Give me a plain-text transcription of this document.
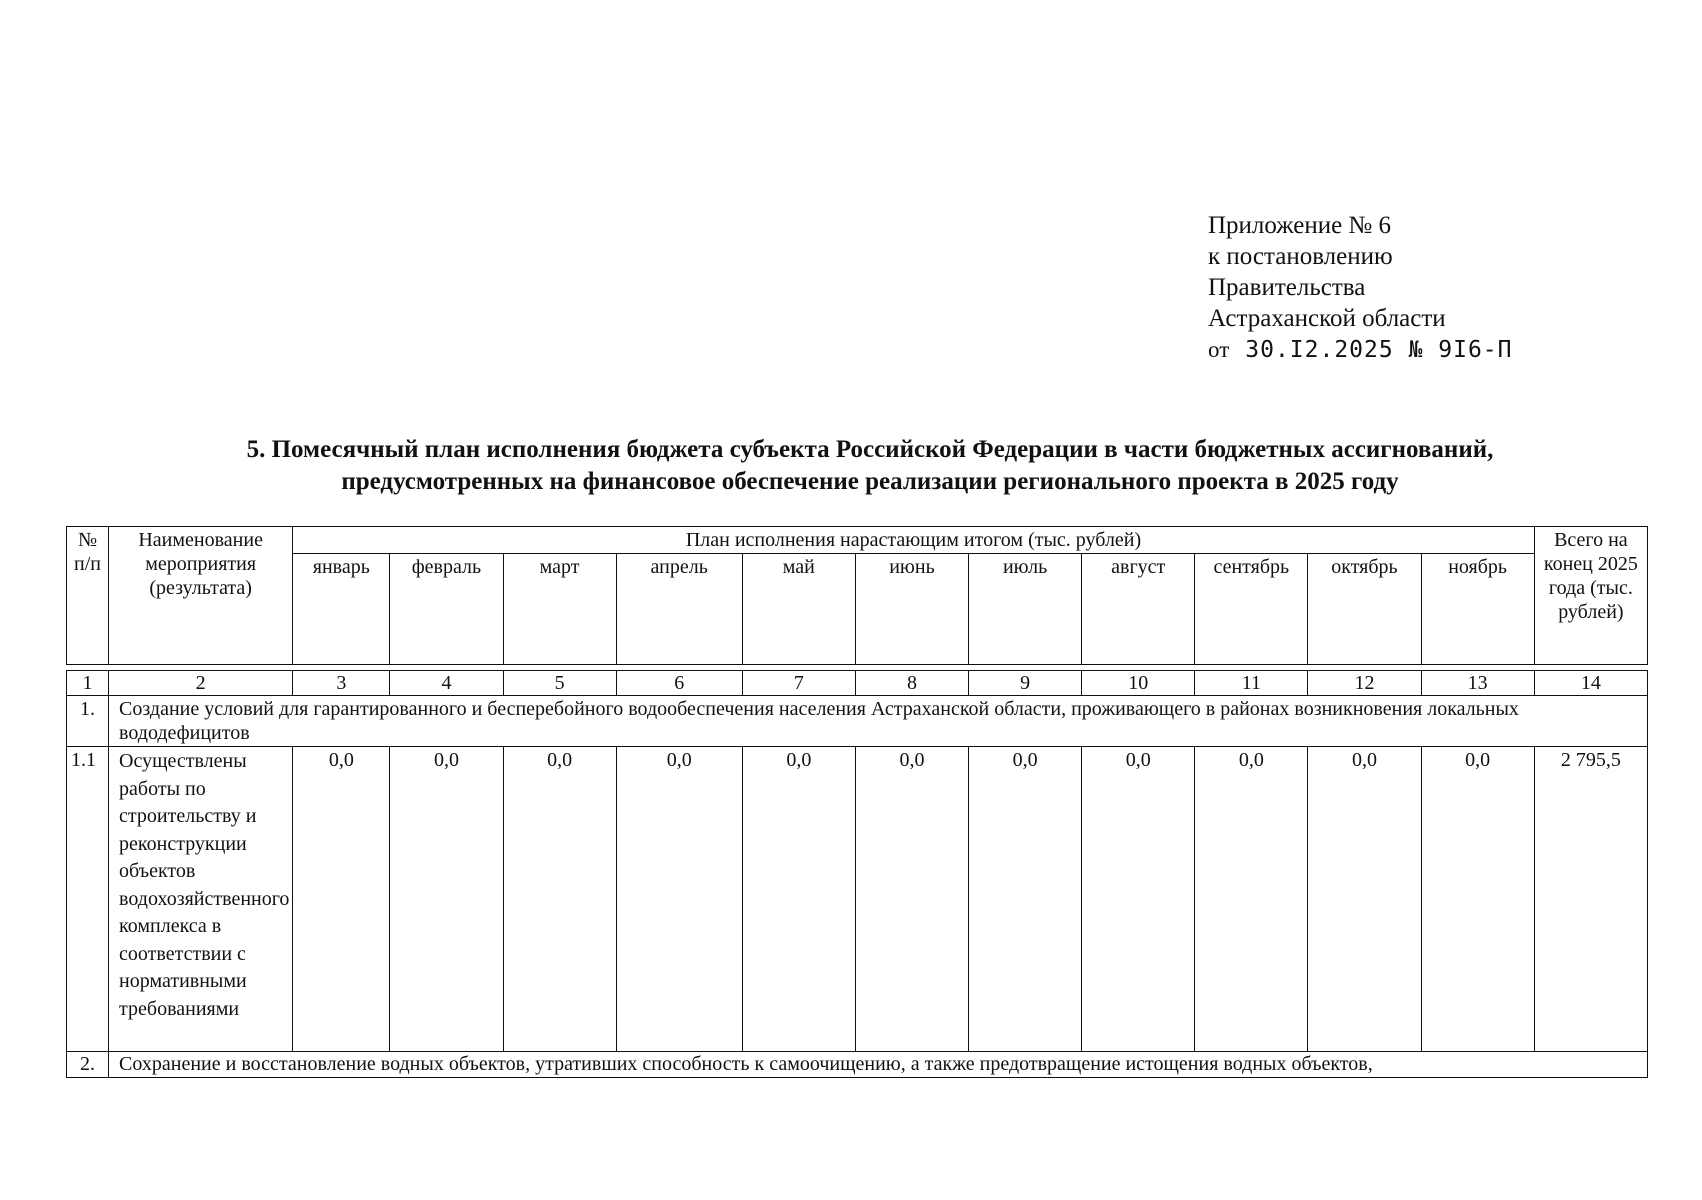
Приложение № 6
к постановлению
Правительства
Астраханской области
от 30.I2.2025 № 9I6-П
5. Помесячный план исполнения бюджета субъекта Российской Федерации в части бюджетных ассигнований,
предусмотренных на финансовое обеспечение реализации регионального проекта в 2025 году
№ п/п	Наименование мероприятия (результата)	План исполнения нарастающим итогом (тыс. рублей)											Всего на конец 2025 года (тыс. рублей)
		январь	февраль	март	апрель	май	июнь	июль	август	сентябрь	октябрь	ноябрь	

1	2	3	4	5	6	7	8	9	10	11	12	13	14
1.	Создание условий для гарантированного и бесперебойного водообеспечения населения Астраханской области, проживающего в районах возникновения локальных вододефицитов												
1.1	Осуществлены работы по строительству и реконструкции объектов водохозяйственного комплекса в соответствии с нормативными требованиями	0,0	0,0	0,0	0,0	0,0	0,0	0,0	0,0	0,0	0,0	0,0	2 795,5
2.	Сохранение и восстановление водных объектов, утративших способность к самоочищению, а также предотвращение истощения водных объектов,												
